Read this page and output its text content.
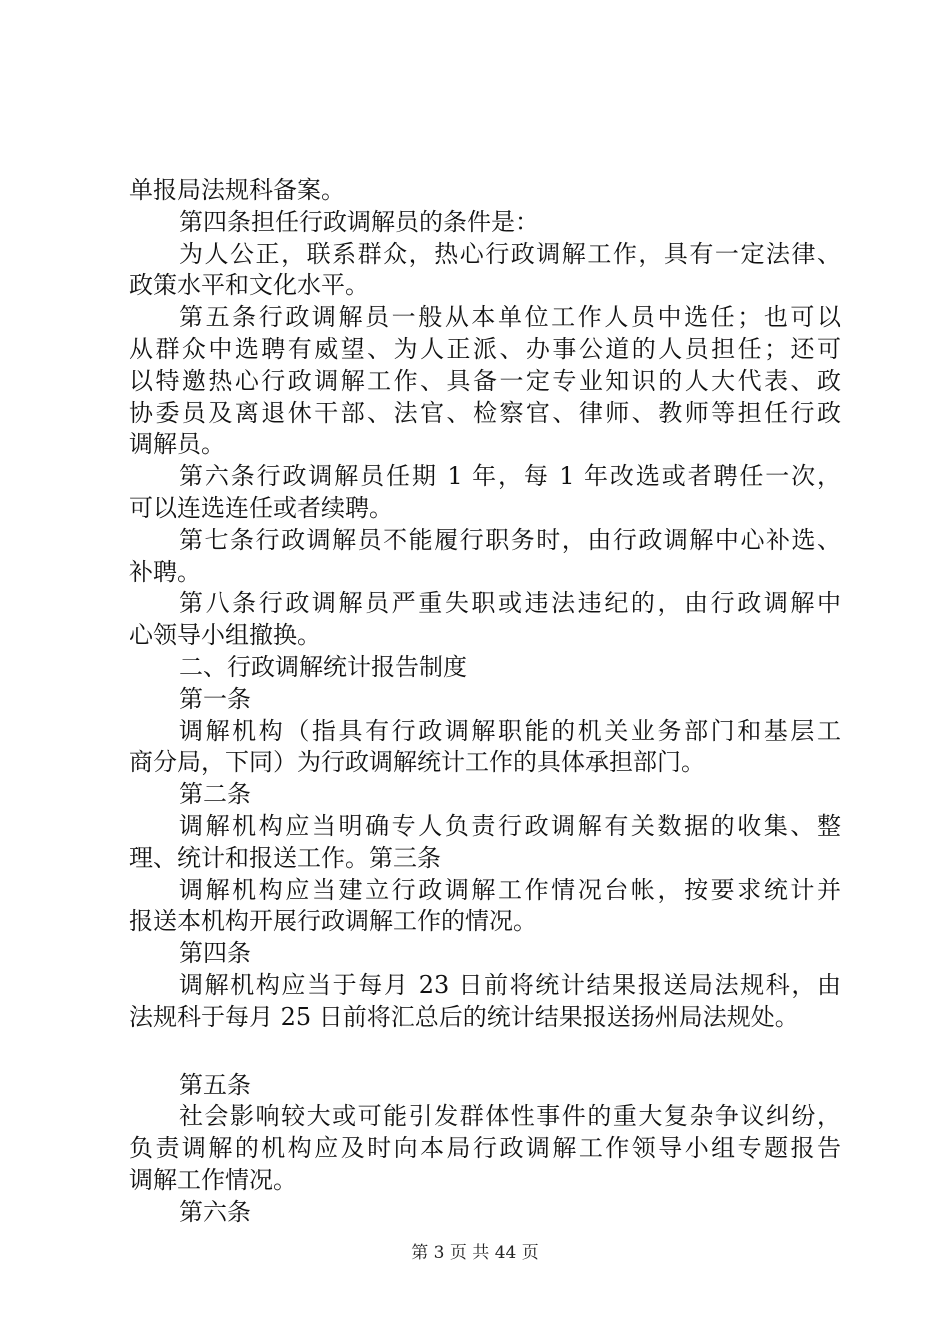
单报局法规科备案。
第四条担任行政调解员的条件是：
为人公正，联系群众，热心行政调解工作，具有一定法律、
政策水平和文化水平。
第五条行政调解员一般从本单位工作人员中选任；也可以
从群众中选聘有威望、为人正派、办事公道的人员担任；还可
以特邀热心行政调解工作、具备一定专业知识的人大代表、政
协委员及离退休干部、法官、检察官、律师、教师等担任行政
调解员。
第六条行政调解员任期 1 年，每 1 年改选或者聘任一次，
可以连选连任或者续聘。
第七条行政调解员不能履行职务时，由行政调解中心补选、
补聘。
第八条行政调解员严重失职或违法违纪的，由行政调解中
心领导小组撤换。
二、行政调解统计报告制度
第一条
调解机构（指具有行政调解职能的机关业务部门和基层工
商分局，下同）为行政调解统计工作的具体承担部门。
第二条
调解机构应当明确专人负责行政调解有关数据的收集、整
理、统计和报送工作。第三条
调解机构应当建立行政调解工作情况台帐，按要求统计并
报送本机构开展行政调解工作的情况。
第四条
调解机构应当于每月 23 日前将统计结果报送局法规科，由
法规科于每月 25 日前将汇总后的统计结果报送扬州局法规处。
第五条
社会影响较大或可能引发群体性事件的重大复杂争议纠纷，
负责调解的机构应及时向本局行政调解工作领导小组专题报告
调解工作情况。
第六条
第 3 页 共 44 页
